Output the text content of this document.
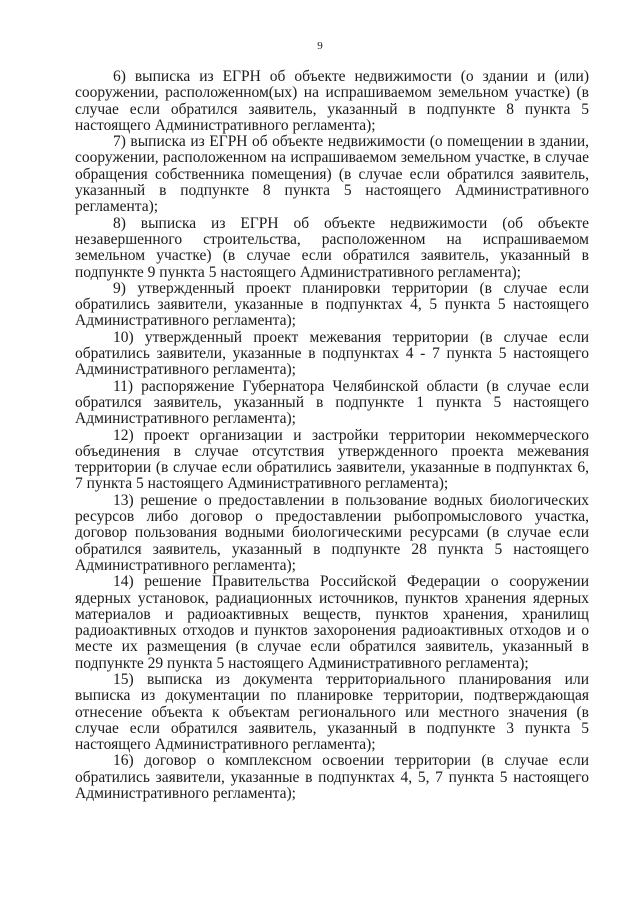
9

6) выписка из ЕГРН об объекте недвижимости (о здании и (или) сооружении, расположенном(ых) на испрашиваемом земельном участке) (в случае если обратился заявитель, указанный в подпункте 8 пункта 5 настоящего Административного регламента);

7) выписка из ЕГРН об объекте недвижимости (о помещении в здании, сооружении, расположенном на испрашиваемом земельном участке, в случае обращения собственника помещения) (в случае если обратился заявитель, указанный в подпункте 8 пункта 5 настоящего Административного регламента);

8) выписка из ЕГРН об объекте недвижимости (об объекте незавершенного строительства, расположенном на испрашиваемом земельном участке) (в случае если обратился заявитель, указанный в подпункте 9 пункта 5 настоящего Административного регламента);

9) утвержденный проект планировки территории (в случае если обратились заявители, указанные в подпунктах 4, 5 пункта 5 настоящего Административного регламента);

10) утвержденный проект межевания территории (в случае если обратились заявители, указанные в подпунктах 4 - 7 пункта 5 настоящего Административного регламента);

11) распоряжение Губернатора Челябинской области (в случае если обратился заявитель, указанный в подпункте 1 пункта 5 настоящего Административного регламента);

12) проект организации и застройки территории некоммерческого объединения в случае отсутствия утвержденного проекта межевания территории (в случае если обратились заявители, указанные в подпунктах 6, 7 пункта 5 настоящего Административного регламента);

13) решение о предоставлении в пользование водных биологических ресурсов либо договор о предоставлении рыбопромыслового участка, договор пользования водными биологическими ресурсами (в случае если обратился заявитель, указанный в подпункте 28 пункта 5 настоящего Административного регламента);

14) решение Правительства Российской Федерации о сооружении ядерных установок, радиационных источников, пунктов хранения ядерных материалов и радиоактивных веществ, пунктов хранения, хранилищ радиоактивных отходов и пунктов захоронения радиоактивных отходов и о месте их размещения (в случае если обратился заявитель, указанный в подпункте 29 пункта 5 настоящего Административного регламента);

15) выписка из документа территориального планирования или выписка из документации по планировке территории, подтверждающая отнесение объекта к объектам регионального или местного значения (в случае если обратился заявитель, указанный в подпункте 3 пункта 5 настоящего Административного регламента);

16) договор о комплексном освоении территории (в случае если обратились заявители, указанные в подпунктах 4, 5, 7 пункта 5 настоящего Административного регламента);
